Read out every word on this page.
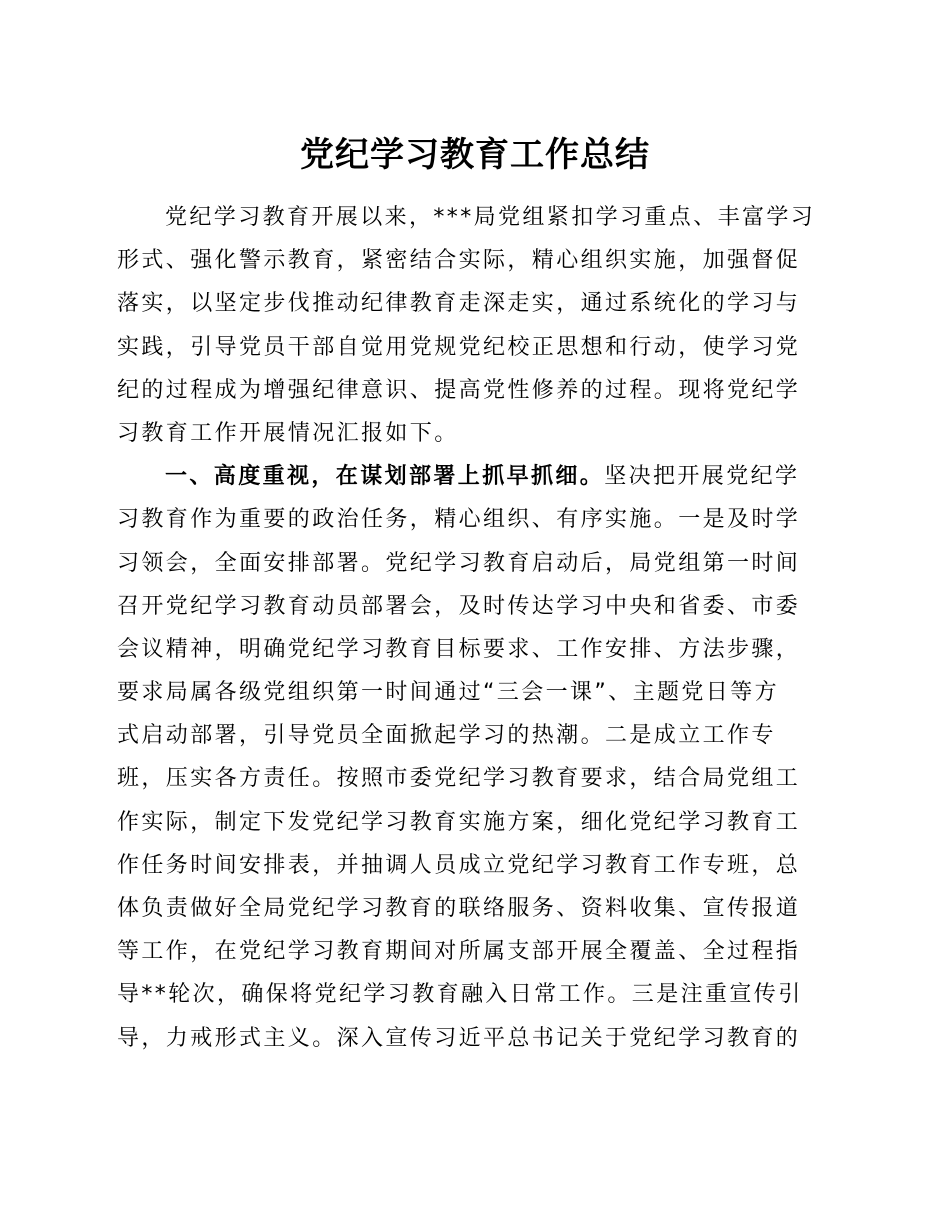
党纪学习教育工作总结
党纪学习教育开展以来，***局党组紧扣学习重点、丰富学习
形式、强化警示教育，紧密结合实际，精心组织实施，加强督促
落实，以坚定步伐推动纪律教育走深走实，通过系统化的学习与
实践，引导党员干部自觉用党规党纪校正思想和行动，使学习党
纪的过程成为增强纪律意识、提高党性修养的过程。现将党纪学
习教育工作开展情况汇报如下。
一、高度重视，在谋划部署上抓早抓细。坚决把开展党纪学
习教育作为重要的政治任务，精心组织、有序实施。一是及时学
习领会，全面安排部署。党纪学习教育启动后，局党组第一时间
召开党纪学习教育动员部署会，及时传达学习中央和省委、市委
会议精神，明确党纪学习教育目标要求、工作安排、方法步骤，
要求局属各级党组织第一时间通过“三会一课”、主题党日等方
式启动部署，引导党员全面掀起学习的热潮。二是成立工作专
班，压实各方责任。按照市委党纪学习教育要求，结合局党组工
作实际，制定下发党纪学习教育实施方案，细化党纪学习教育工
作任务时间安排表，并抽调人员成立党纪学习教育工作专班，总
体负责做好全局党纪学习教育的联络服务、资料收集、宣传报道
等工作，在党纪学习教育期间对所属支部开展全覆盖、全过程指
导**轮次，确保将党纪学习教育融入日常工作。三是注重宣传引
导，力戒形式主义。深入宣传习近平总书记关于党纪学习教育的
